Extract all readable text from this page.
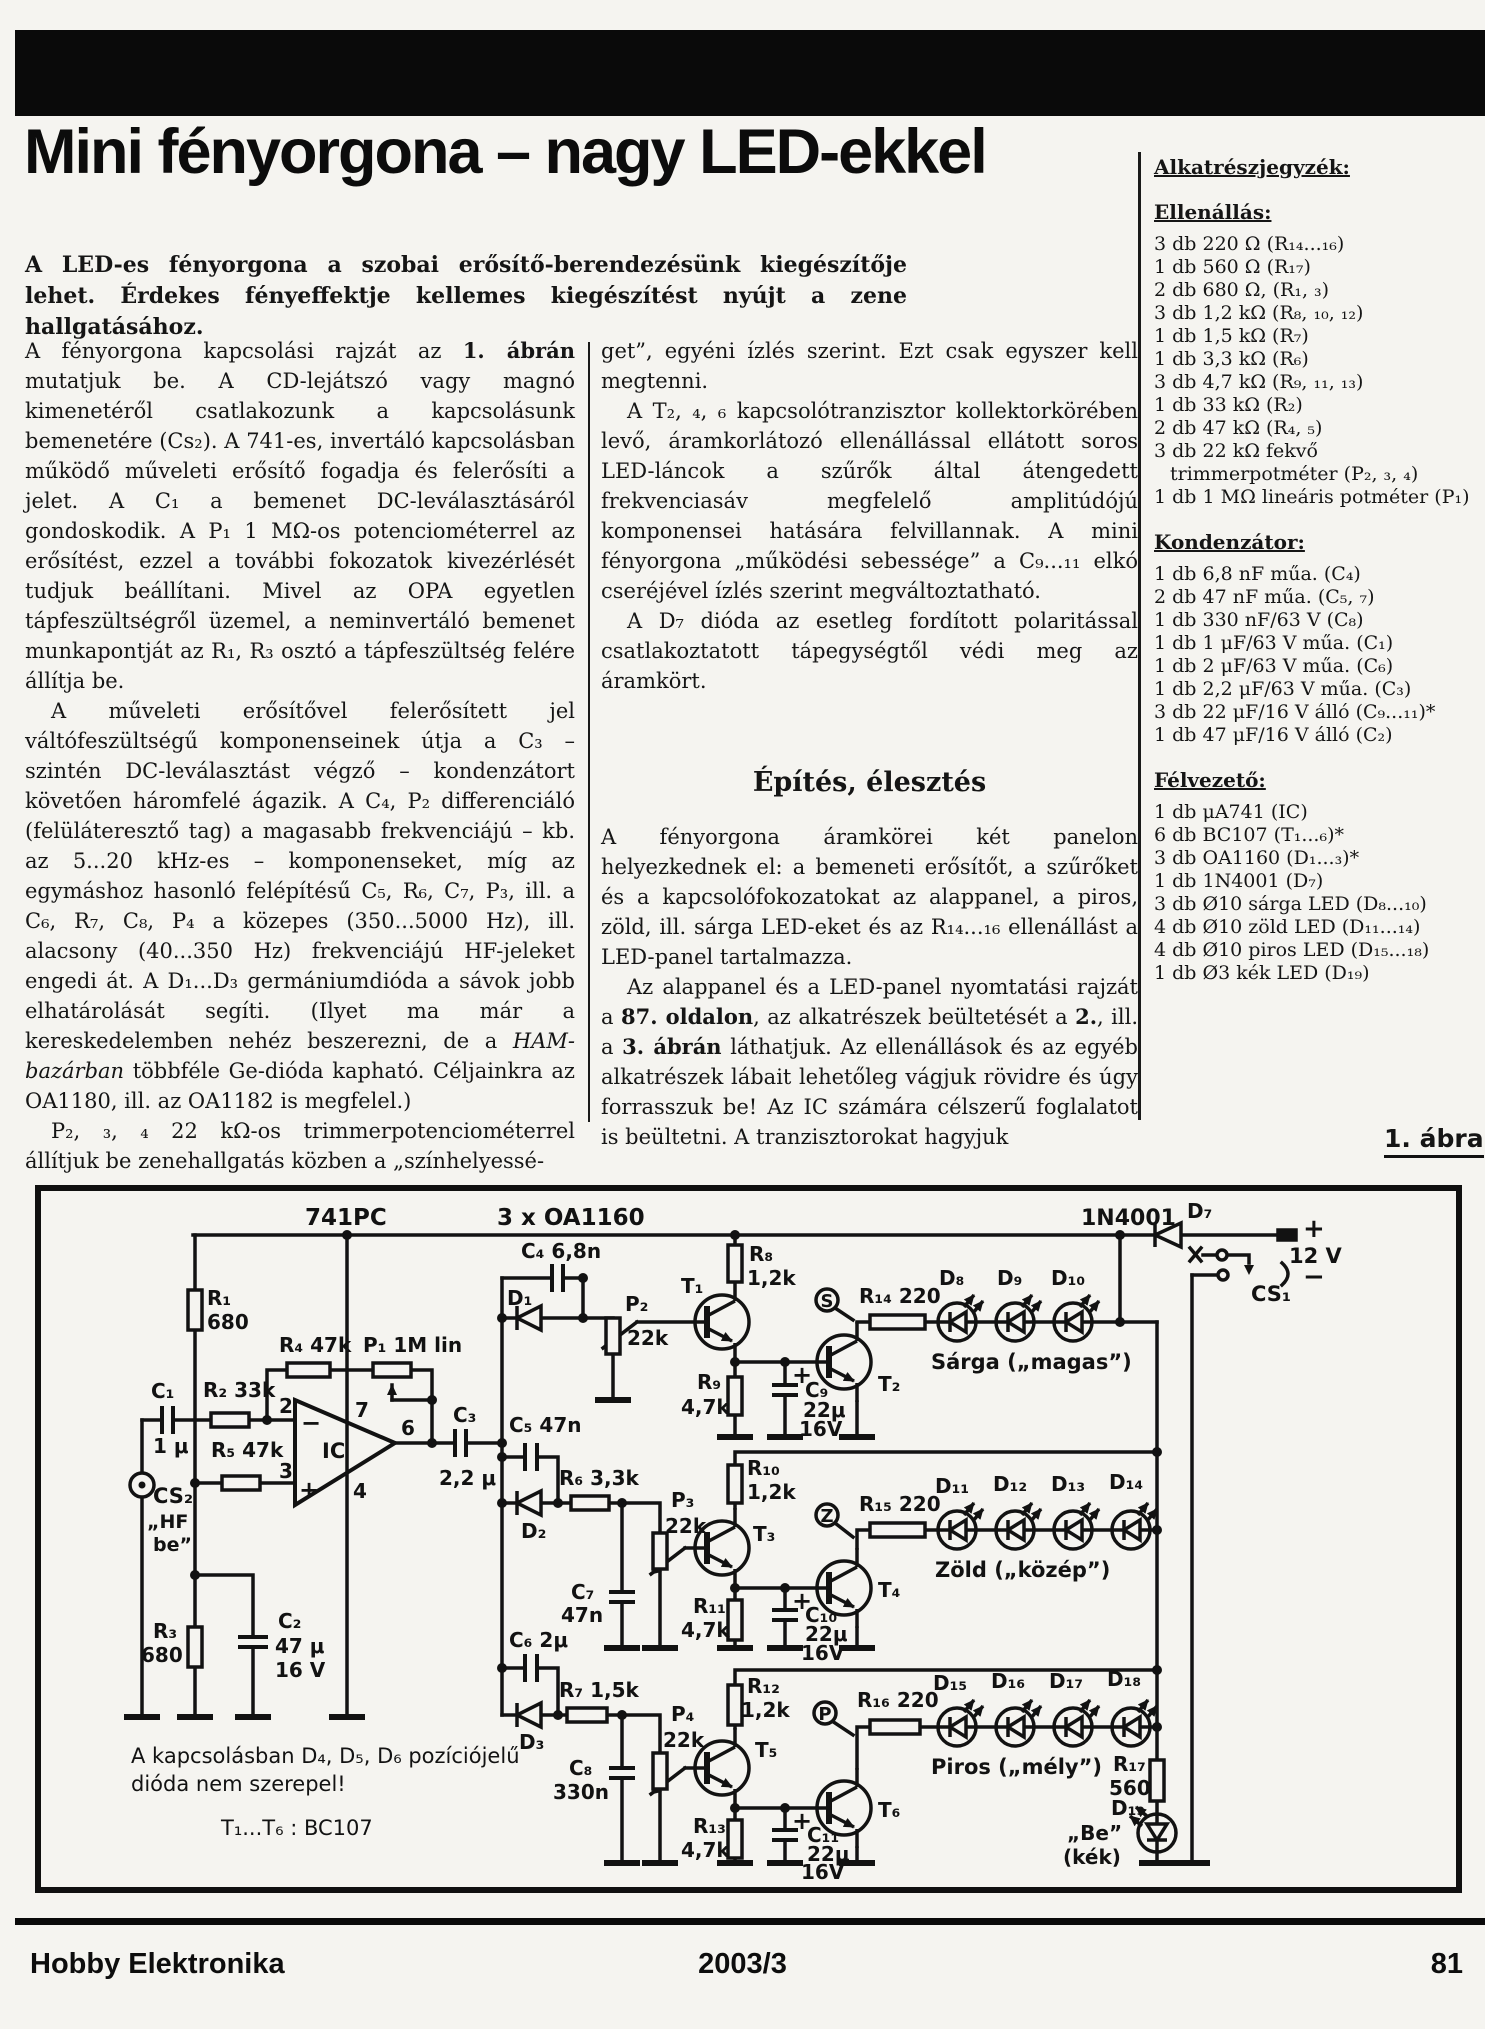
Mini fényorgona – nagy LED-ekkel
A LED-es fényorgona a szobai erősítő-berendezésünk kiegészítője lehet. Érdekes fényeffektje kellemes kiegészítést nyújt a zene hallgatásához.

A fényorgona kapcsolási rajzát az 1. ábrán mutatjuk be. A CD-lejátszó vagy magnó kimenetéről csatlakozunk a kapcsolásunk bemenetére (Cs₂). A 741-es, invertáló kapcsolásban működő műveleti erősítő fogadja és felerősíti a jelet. A C₁ a bemenet DC-leválasztásáról gondoskodik. A P₁ 1 MΩ-os potenciométerrel az erősítést, ezzel a további fokozatok kivezérlését tudjuk beállítani. Mivel az OPA egyetlen tápfeszültségről üzemel, a neminvertáló bemenet munkapontját az R₁, R₃ osztó a tápfeszültség felére állítja be.

A műveleti erősítővel felerősített jel váltófeszültségű komponenseinek útja a C₃ – szintén DC-leválasztást végző – kondenzátort követően háromfelé ágazik. A C₄, P₂ differenciáló (felüláteresztő tag) a magasabb frekvenciájú – kb. az 5...20 kHz-es – komponenseket, míg az egymáshoz hasonló felépítésű C₅, R₆, C₇, P₃, ill. a C₆, R₇, C₈, P₄ a közepes (350...5000 Hz), ill. alacsony (40...350 Hz) frekvenciájú HF-jeleket engedi át. A D₁...D₃ germániumdióda a sávok jobb elhatárolását segíti. (Ilyet ma már a kereskedelemben nehéz beszerezni, de a HAM-bazárban többféle Ge-dióda kapható. Céljainkra az OA1180, ill. az OA1182 is megfelel.)

P₂, ₃, ₄ 22 kΩ-os trimmerpotenciométerrel állítjuk be zenehallgatás közben a „színhelyessé-

get”, egyéni ízlés szerint. Ezt csak egyszer kell megtenni.

A T₂, ₄, ₆ kapcsolótranzisztor kollektorkörében levő, áramkorlátozó ellenállással ellátott soros LED-láncok a szűrők által átengedett frekvenciasáv megfelelő amplitúdójú komponensei hatására felvillannak. A mini fényorgona „működési sebessége” a C₉...₁₁ elkó cseréjével ízlés szerint megváltoztatható.

A D₇ dióda az esetleg fordított polaritással csatlakoztatott tápegységtől védi meg az áramkört.

Építés, élesztés

A fényorgona áramkörei két panelon helyezkednek el: a bemeneti erősítőt, a szűrőket és a kapcsolófokozatokat az alappanel, a piros, zöld, ill. sárga LED-eket és az R₁₄...₁₆ ellenállást a LED-panel tartalmazza.

Az alappanel és a LED-panel nyomtatási rajzát a 87. oldalon, az alkatrészek beültetését a 2., ill. a 3. ábrán láthatjuk. Az ellenállások és az egyéb alkatrészek lábait lehetőleg vágjuk rövidre és úgy forrasszuk be! Az IC számára célszerű foglalatot is beültetni. A tranzisztorokat hagyjuk

Alkatrészjegyzék:
Ellenállás:
3 db 220 Ω (R₁₄...₁₆)
1 db 560 Ω (R₁₇)
2 db 680 Ω, (R₁, ₃)
3 db 1,2 kΩ (R₈, ₁₀, ₁₂)
1 db 1,5 kΩ (R₇)
1 db 3,3 kΩ (R₆)
3 db 4,7 kΩ (R₉, ₁₁, ₁₃)
1 db 33 kΩ (R₂)
2 db 47 kΩ (R₄, ₅)
3 db 22 kΩ fekvő trimmerpotméter (P₂, ₃, ₄)
1 db 1 MΩ lineáris potméter (P₁)
Kondenzátor:
1 db 6,8 nF műa. (C₄)
2 db 47 nF műa. (C₅, ₇)
1 db 330 nF/63 V (C₈)
1 db 1 μF/63 V műa. (C₁)
1 db 2 μF/63 V műa. (C₆)
1 db 2,2 μF/63 V műa. (C₃)
3 db 22 μF/16 V álló (C₉...₁₁)*
1 db 47 μF/16 V álló (C₂)
Félvezető:
1 db μA741 (IC)
6 db BC107 (T₁...₆)*
3 db OA1160 (D₁...₃)*
1 db 1N4001 (D₇)
3 db Ø10 sárga LED (D₈...₁₀)
4 db Ø10 zöld LED (D₁₁...₁₄)
4 db Ø10 piros LED (D₁₅...₁₈)
1 db Ø3 kék LED (D₁₉)
1. ábra
741PC	3 x OA1160	1N4001 D₇
+
12 V
−
CS₁
R₁
680
R₄ 47k P₁ 1M lin
C₁
1 μ
R₂ 33k
2
3
7
4
6
IC
−
+
R₅ 47k
CS₂
„HF
be”
C₃
2,2 μ
R₃
680
C₂
47 μ
16 V
C₄ 6,8n
D₁	P₂
22k
T₁
R₈
1,2k
R₉
4,7k
+
C₉
22μ
16V
T₂
R₁₄ 220
D₈ D₉ D₁₀
Sárga („magas”)
C₅ 47n
R₆ 3,3k
D₂
P₃
22k T₃
R₁₀
1,2k
C₇
47n	R₁₁
4,7k
+
C₁₀
22μ
16V
T₄
R₁₅ 220
D₁₁ D₁₂ D₁₃ D₁₄
Zöld („közép”)
C₆ 2μ
R₇ 1,5k
D₃
C₈
330n
P₄
22k	T₅
R₁₂
1,2k
R₁₃
4,7k
+
C₁₁
22μ
16V
T₆
R₁₆ 220
D₁₅ D₁₆ D₁₇ D₁₈
Piros („mély”) R₁₇
560
D₁₉
„Be”
(kék)
S
Z
P
A kapcsolásban D₄, D₅, D₆ pozíciójelű
dióda nem szerepel!
T₁...T₆ : BC107
Hobby Elektronika	2003/3	81
